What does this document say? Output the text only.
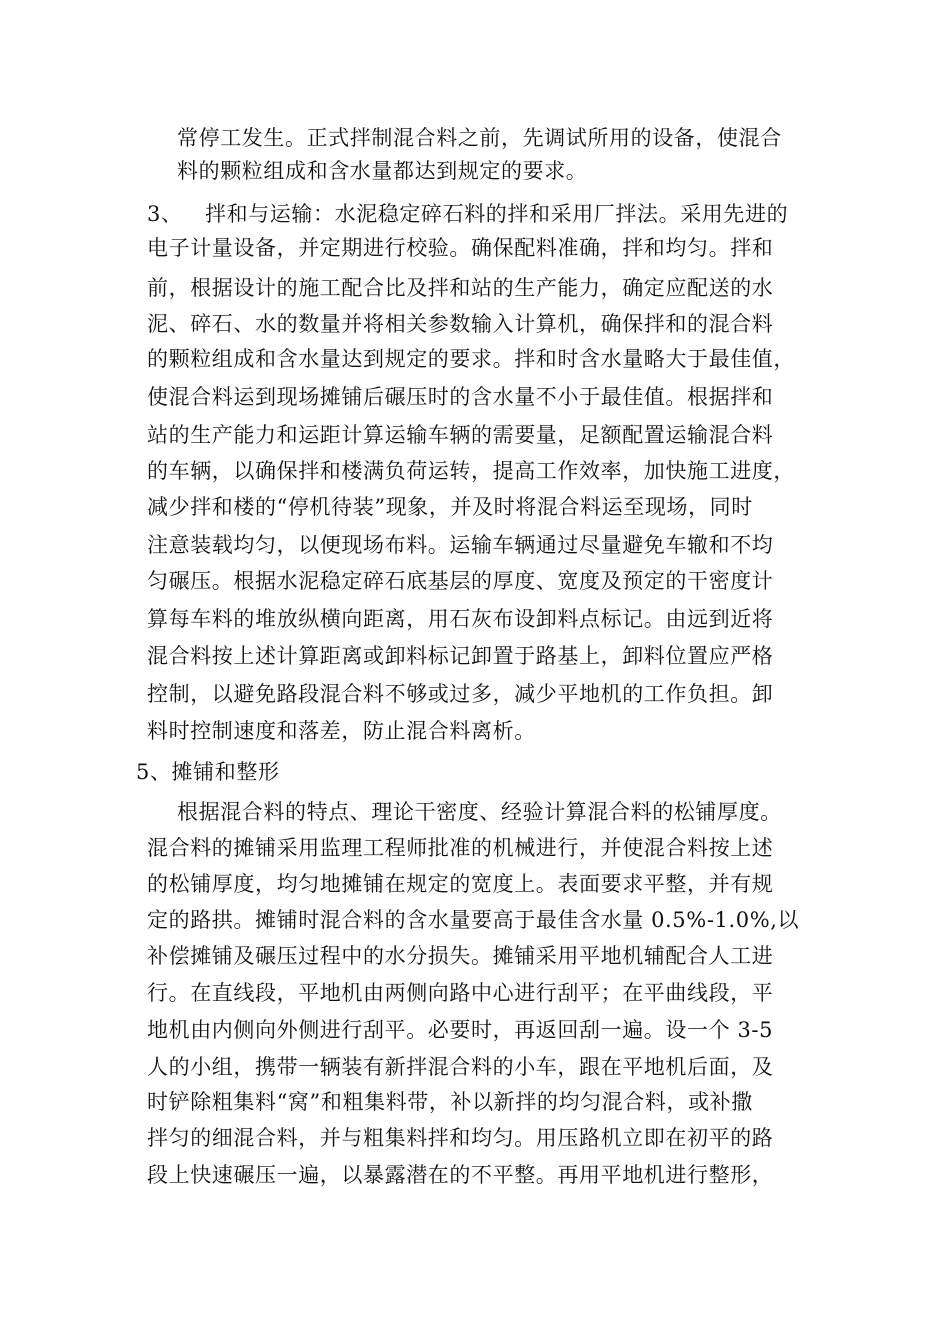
常停工发生。正式拌制混合料之前，先调试所用的设备，使混合
料的颗粒组成和含水量都达到规定的要求。
3、 拌和与运输：水泥稳定碎石料的拌和采用厂拌法。采用先进的
电子计量设备，并定期进行校验。确保配料准确，拌和均匀。拌和
前，根据设计的施工配合比及拌和站的生产能力，确定应配送的水
泥、碎石、水的数量并将相关参数输入计算机，确保拌和的混合料
的颗粒组成和含水量达到规定的要求。拌和时含水量略大于最佳值，
使混合料运到现场摊铺后碾压时的含水量不小于最佳值。根据拌和
站的生产能力和运距计算运输车辆的需要量，足额配置运输混合料
的车辆，以确保拌和楼满负荷运转，提高工作效率，加快施工进度，
减少拌和楼的“停机待装”现象，并及时将混合料运至现场，同时
注意装载均匀，以便现场布料。运输车辆通过尽量避免车辙和不均
匀碾压。根据水泥稳定碎石底基层的厚度、宽度及预定的干密度计
算每车料的堆放纵横向距离，用石灰布设卸料点标记。由远到近将
混合料按上述计算距离或卸料标记卸置于路基上，卸料位置应严格
控制，以避免路段混合料不够或过多，减少平地机的工作负担。卸
料时控制速度和落差，防止混合料离析。
5、摊铺和整形
根据混合料的特点、理论干密度、经验计算混合料的松铺厚度。
混合料的摊铺采用监理工程师批准的机械进行，并使混合料按上述
的松铺厚度，均匀地摊铺在规定的宽度上。表面要求平整，并有规
定的路拱。摊铺时混合料的含水量要高于最佳含水量 0.5%-1.0%,以
补偿摊铺及碾压过程中的水分损失。摊铺采用平地机辅配合人工进
行。在直线段，平地机由两侧向路中心进行刮平；在平曲线段，平
地机由内侧向外侧进行刮平。必要时，再返回刮一遍。设一个 3-5
人的小组，携带一辆装有新拌混合料的小车，跟在平地机后面，及
时铲除粗集料“窝”和粗集料带，补以新拌的均匀混合料，或补撒
拌匀的细混合料，并与粗集料拌和均匀。用压路机立即在初平的路
段上快速碾压一遍，以暴露潜在的不平整。再用平地机进行整形，
